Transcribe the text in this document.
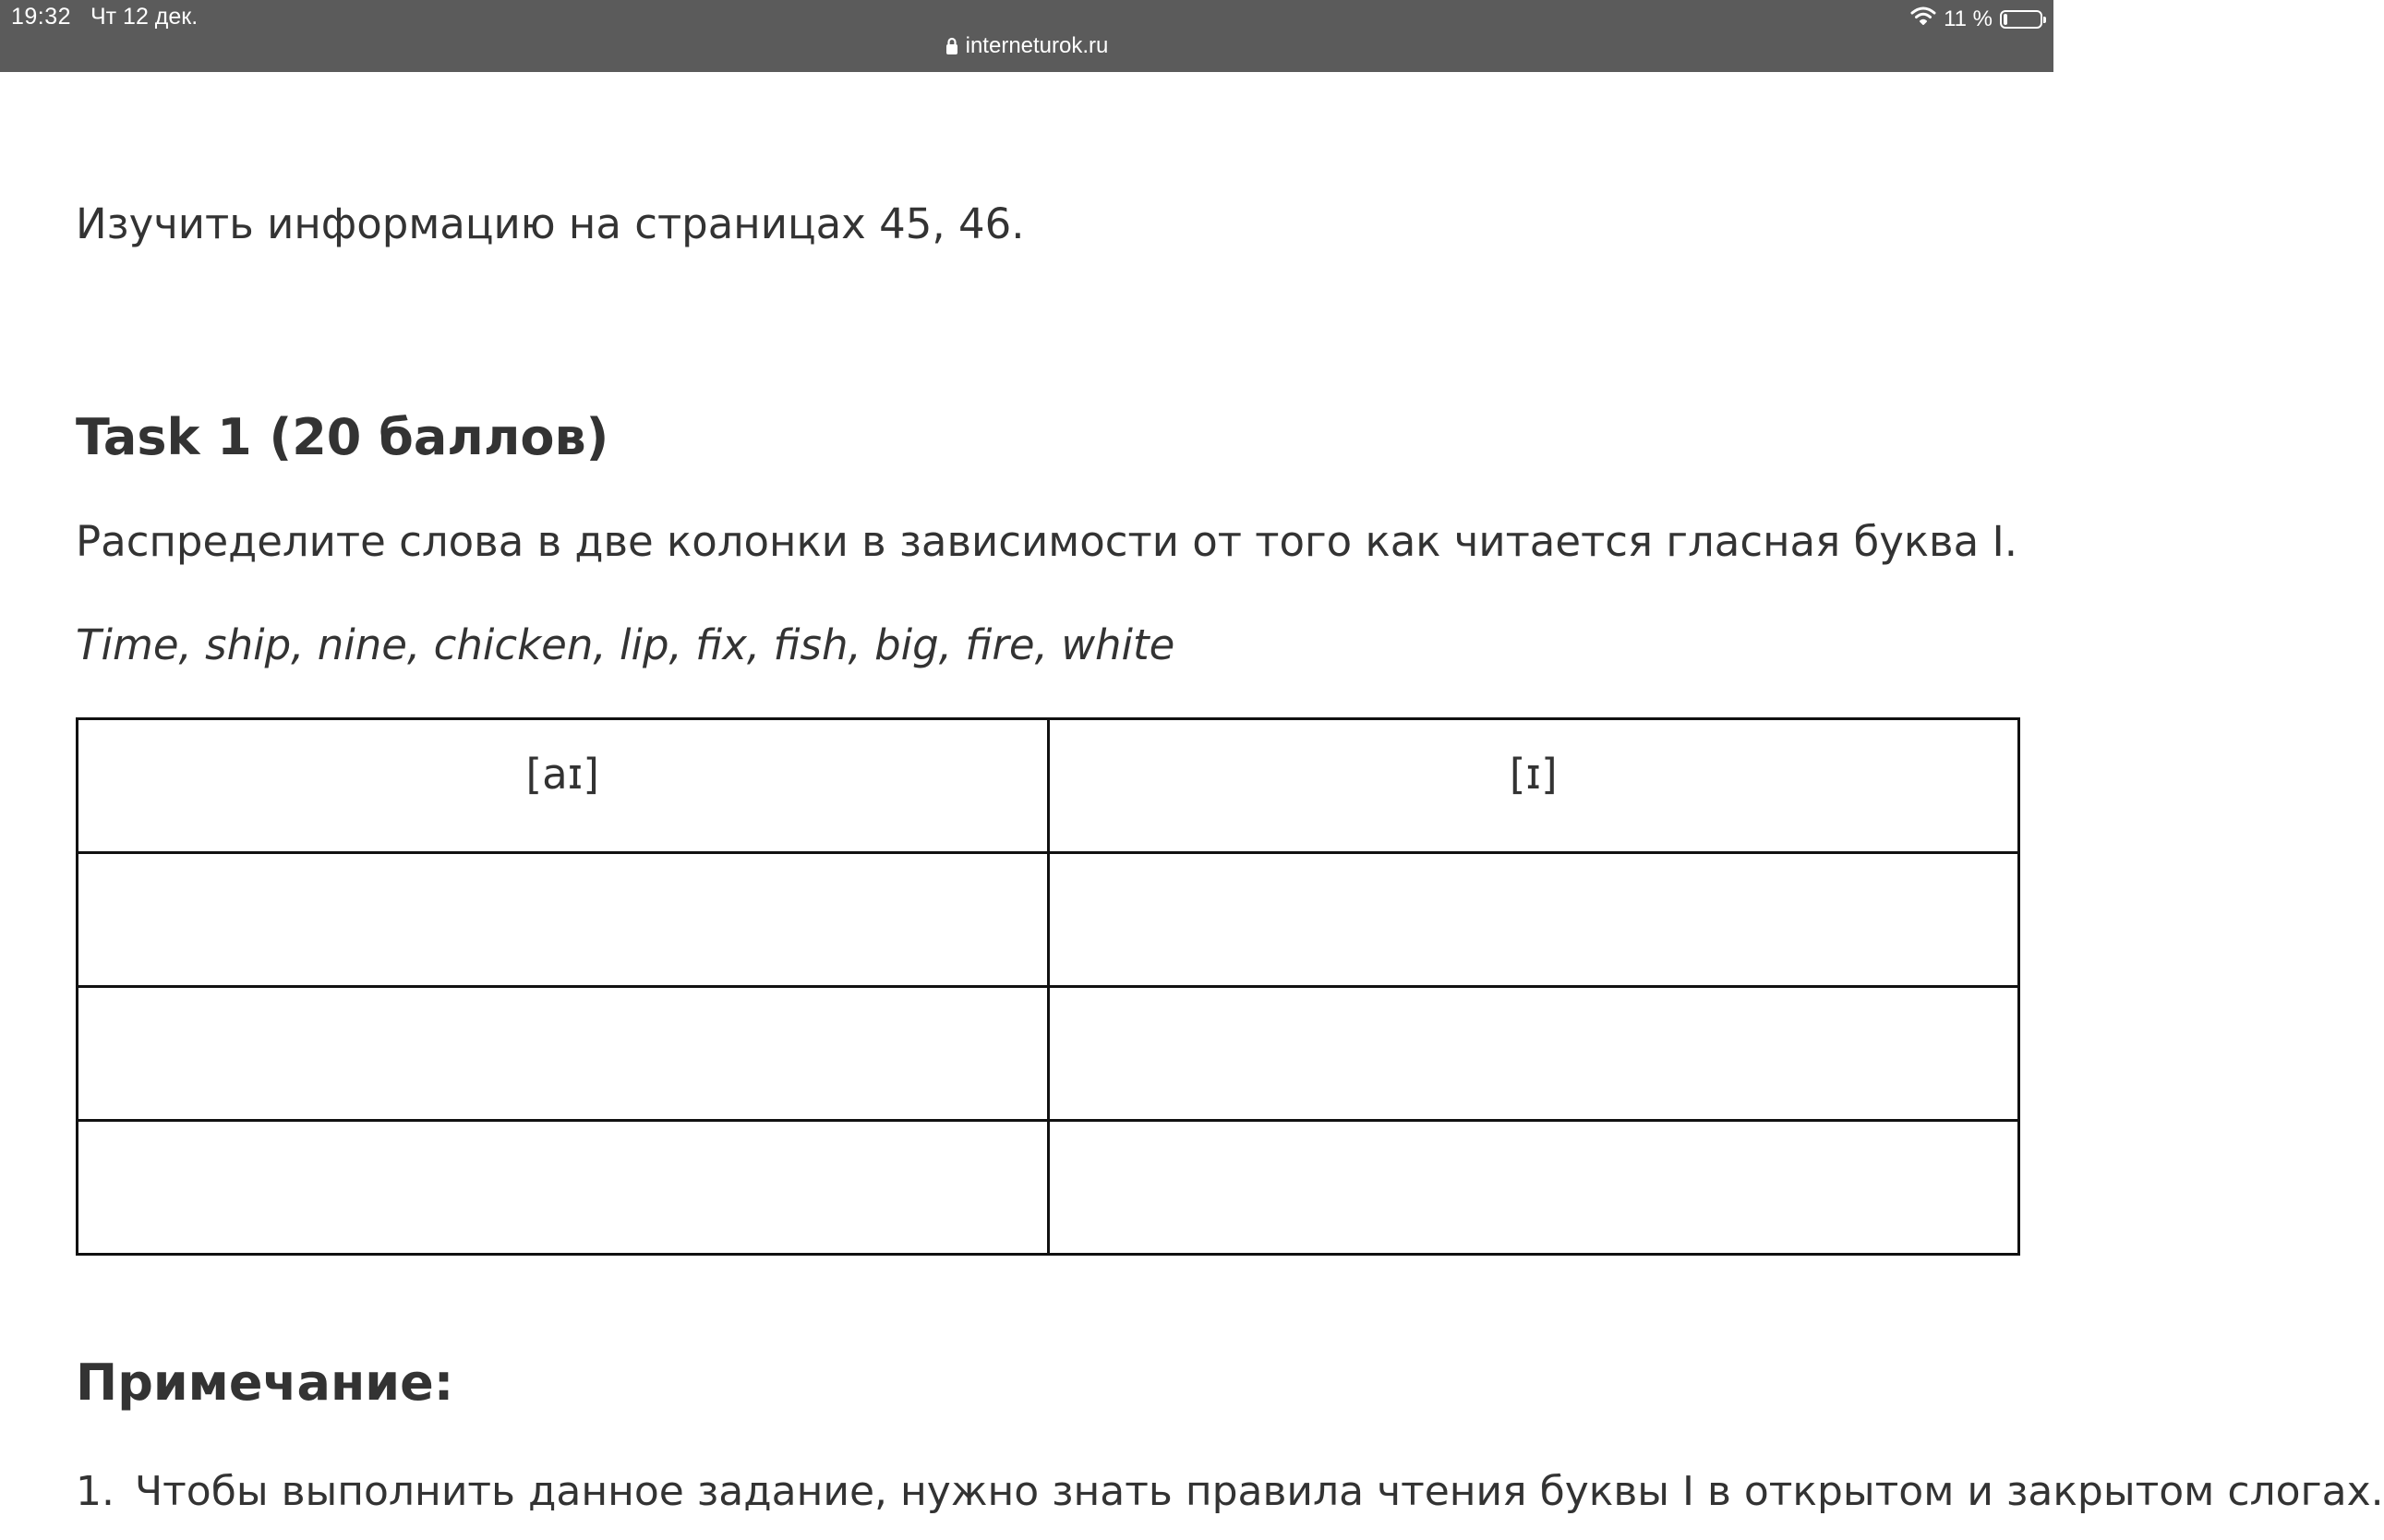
19:32 Чт 12 дек.
interneturok.ru
11 %

Изучить информацию на страницах 45, 46.

Task 1 (20 баллов)

Распределите слова в две колонки в зависимости от того как читается гласная буква I.

Time, ship, nine, chicken, lip, fix, fish, big, fire, white

[aɪ]	[ɪ]

Примечание:
1. Чтобы выполнить данное задание, нужно знать правила чтения буквы I в открытом и закрытом слогах.
